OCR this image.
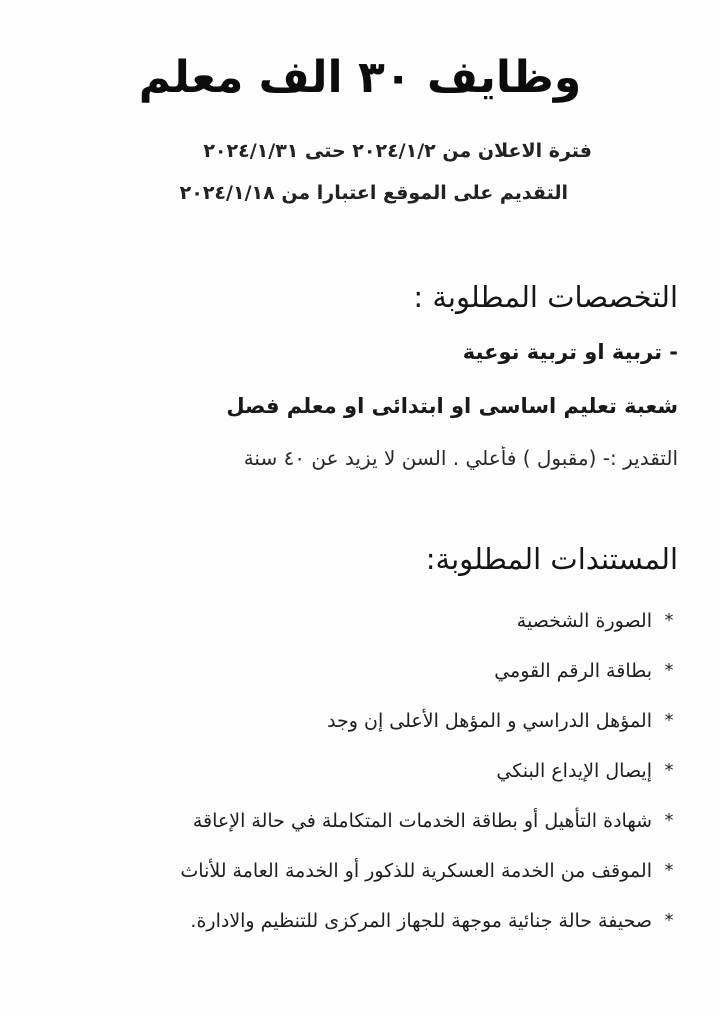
وظايف ٣٠ الف معلم
فترة الاعلان من ٢٠٢٤/١/٢ حتى ٢٠٢٤/١/٣١
التقديم على الموقع اعتبارا من ٢٠٢٤/١/١٨
التخصصات المطلوبة :
- تربية او تربية نوعية
شعبة تعليم اساسى او ابتدائى او معلم فصل
التقدير :- (مقبول ) فأعلي . السن لا يزيد عن ٤٠ سنة
المستندات المطلوبة:
*
الصورة الشخصية
*
بطاقة الرقم القومي
*
المؤهل الدراسي و المؤهل الأعلى إن وجد
*
إيصال الإيداع البنكي
*
شهادة التأهيل أو بطاقة الخدمات المتكاملة في حالة الإعاقة
*
الموقف من الخدمة العسكرية للذكور أو الخدمة العامة للأناث
*
صحيفة حالة جنائية موجهة للجهاز المركزى للتنظيم والادارة.
